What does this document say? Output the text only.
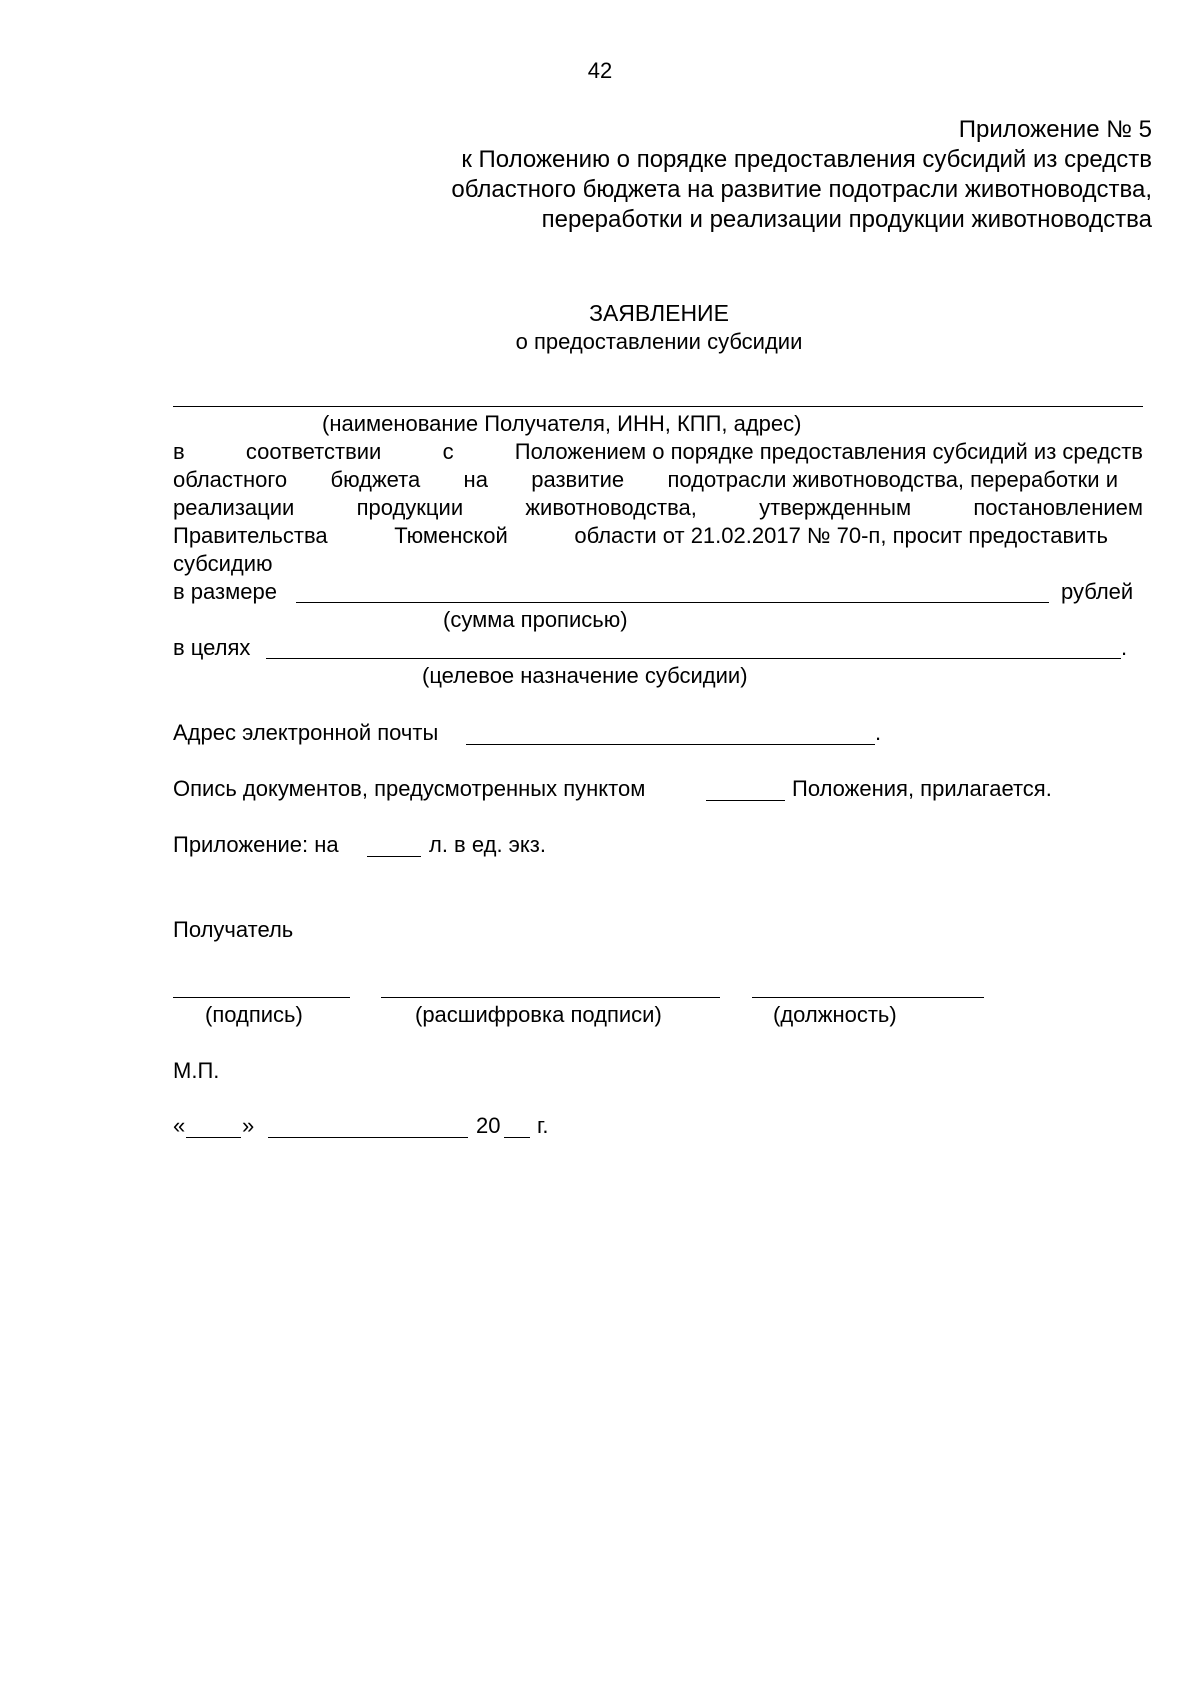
42
Приложение № 5
к Положению о порядке предоставления субсидий из средств
областного бюджета на развитие подотрасли животноводства,
переработки и реализации продукции животноводства
ЗАЯВЛЕНИЕ
о предоставлении субсидии
(наименование Получателя, ИНН, КПП, адрес)
в	соответствии	с	Положением о порядке предоставления субсидий из средств
областного бюджета на развитие подотрасли животноводства, переработки и
реализации	продукции	животноводства,	утвержденным	постановлением
Правительства	Тюменской	области от 21.02.2017 № 70-п, просит предоставить
субсидию
в размере	рублей
(сумма прописью)
в целях	.
(целевое назначение субсидии)
Адрес электронной почты	.
Опись документов, предусмотренных пунктом	Положения, прилагается.
Приложение: на	л. в ед. экз.
Получатель
(подпись)	(расшифровка подписи)	(должность)
М.П.
«	»	20 г.
